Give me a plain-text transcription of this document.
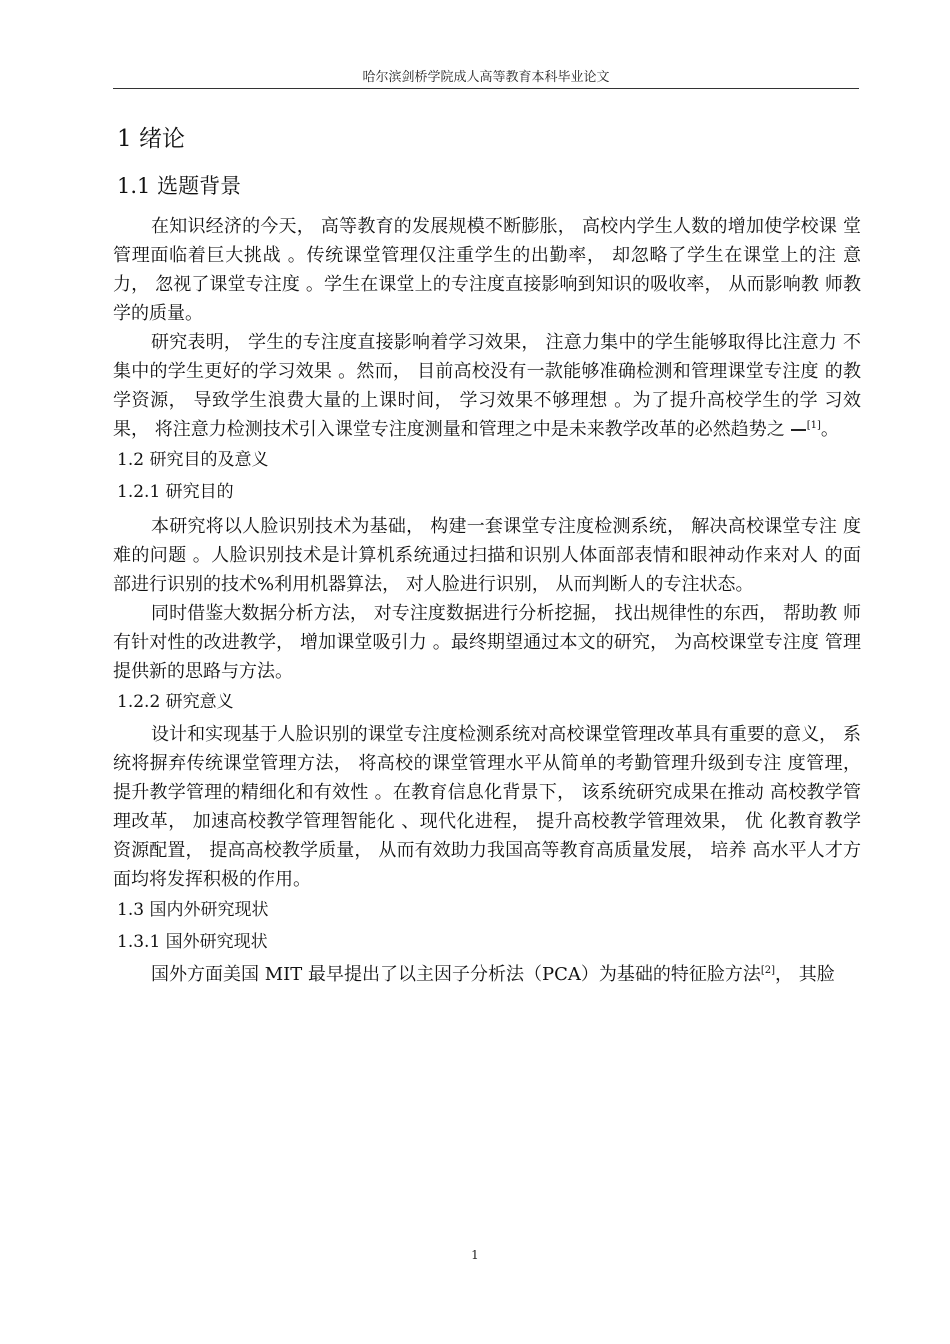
哈尔滨剑桥学院成人高等教育本科毕业论文
1 绪论
1.1 选题背景

在知识经济的今天， 高等教育的发展规模不断膨胀， 高校内学生人数的增加使学校课 堂管理面临着巨大挑战 。传统课堂管理仅注重学生的出勤率， 却忽略了学生在课堂上的注 意力， 忽视了课堂专注度 。学生在课堂上的专注度直接影响到知识的吸收率， 从而影响教 师教学的质量。

研究表明， 学生的专注度直接影响着学习效果， 注意力集中的学生能够取得比注意力 不集中的学生更好的学习效果 。然而， 目前高校没有一款能够准确检测和管理课堂专注度 的教学资源， 导致学生浪费大量的上课时间， 学习效果不够理想 。为了提升高校学生的学 习效果， 将注意力检测技术引入课堂专注度测量和管理之中是未来教学改革的必然趋势之 [1]。

1.2 研究目的及意义
1.2.1 研究目的

本研究将以人脸识别技术为基础， 构建一套课堂专注度检测系统， 解决高校课堂专注 度难的问题 。人脸识别技术是计算机系统通过扫描和识别人体面部表情和眼神动作来对人 的面部进行识别的技术%利用机器算法， 对人脸进行识别， 从而判断人的专注状态。

同时借鉴大数据分析方法， 对专注度数据进行分析挖掘， 找出规律性的东西， 帮助教 师有针对性的改进教学， 增加课堂吸引力 。最终期望通过本文的研究， 为高校课堂专注度 管理提供新的思路与方法。

1.2.2 研究意义

设计和实现基于人脸识别的课堂专注度检测系统对高校课堂管理改革具有重要的意义， 系统将摒弃传统课堂管理方法， 将高校的课堂管理水平从简单的考勤管理升级到专注 度管理， 提升教学管理的精细化和有效性 。在教育信息化背景下， 该系统研究成果在推动 高校教学管理改革， 加速高校教学管理智能化 、现代化进程， 提升高校教学管理效果， 优 化教育教学资源配置， 提高高校教学质量， 从而有效助力我国高等教育高质量发展， 培养 高水平人才方面均将发挥积极的作用。

1.3 国内外研究现状
1.3.1 国外研究现状

国外方面美国 MIT 最早提出了以主因子分析法（PCA）为基础的特征脸方法[2]， 其脸

1
